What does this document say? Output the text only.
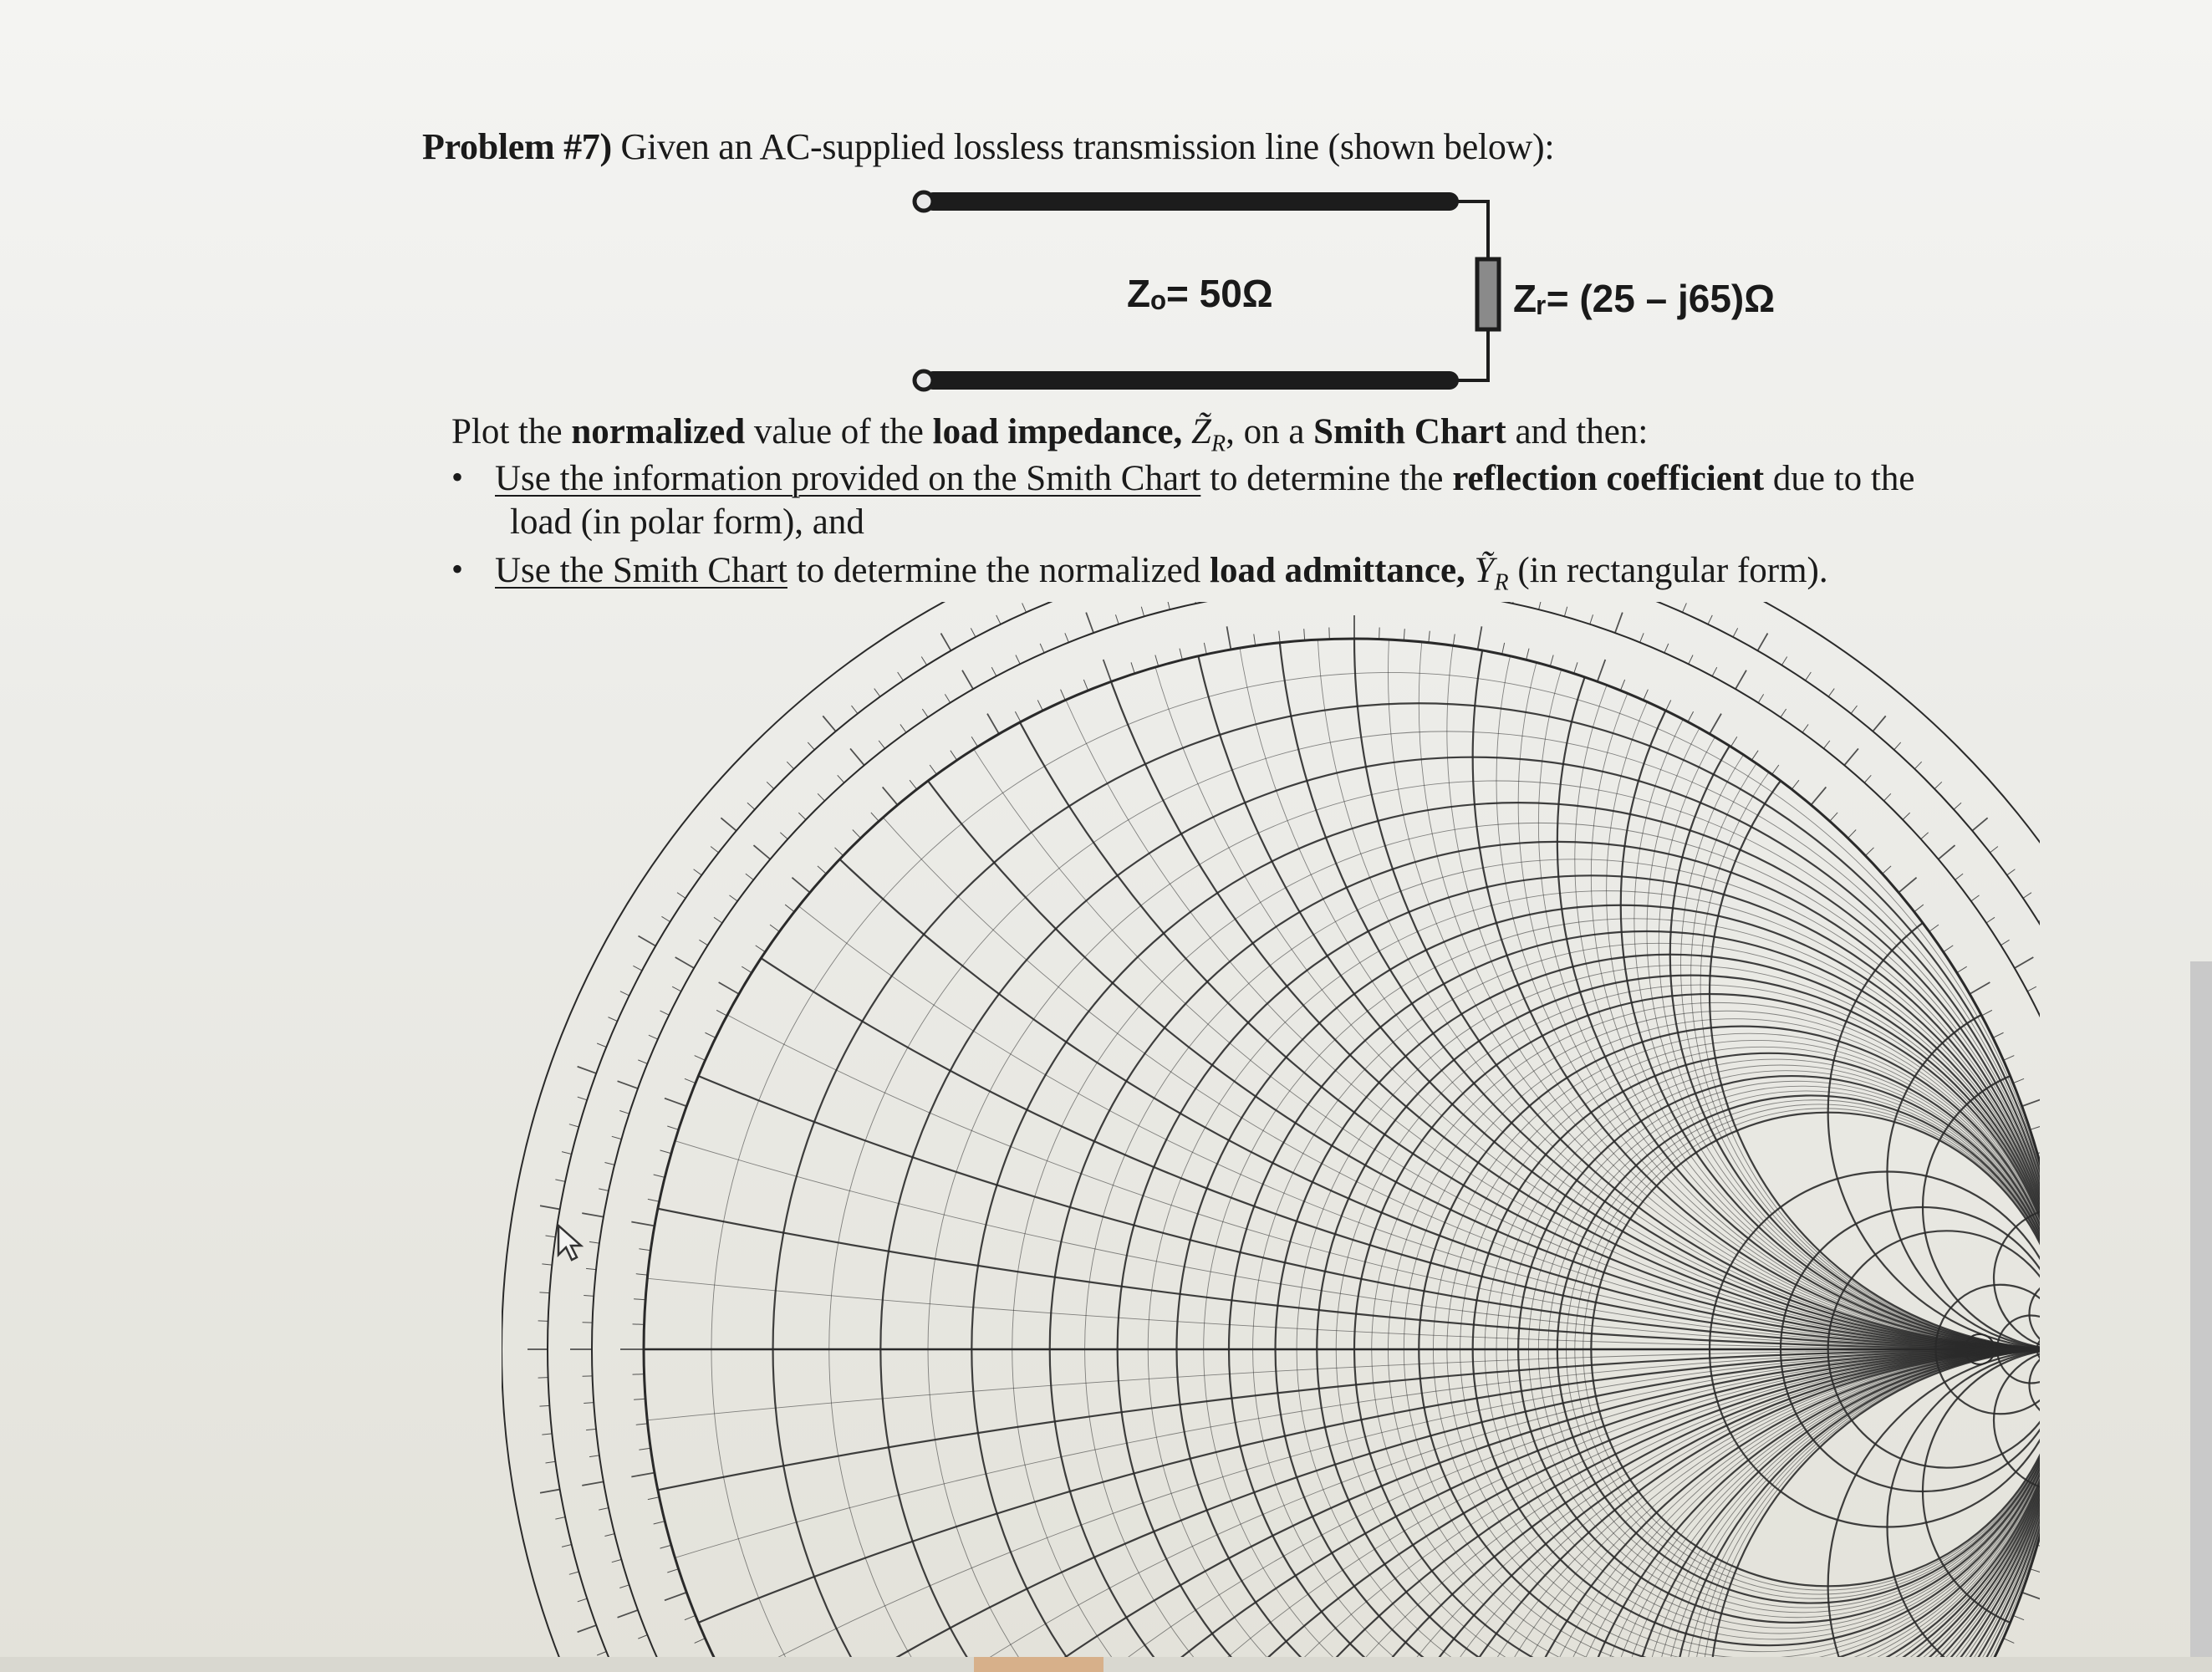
Problem #7) Given an AC-supplied lossless transmission line (shown below):
Zₒ= 50Ω	Zᵣ= (25 – j65)Ω
Plot the normalized value of the load impedance, $Z̃_R$, on a Smith Chart and then:
• Use the information provided on the Smith Chart to determine the reflection coefficient due to the
load (in polar form), and
• Use the Smith Chart to determine the normalized load admittance, $Ỹ_R$ (in rectangular form).
